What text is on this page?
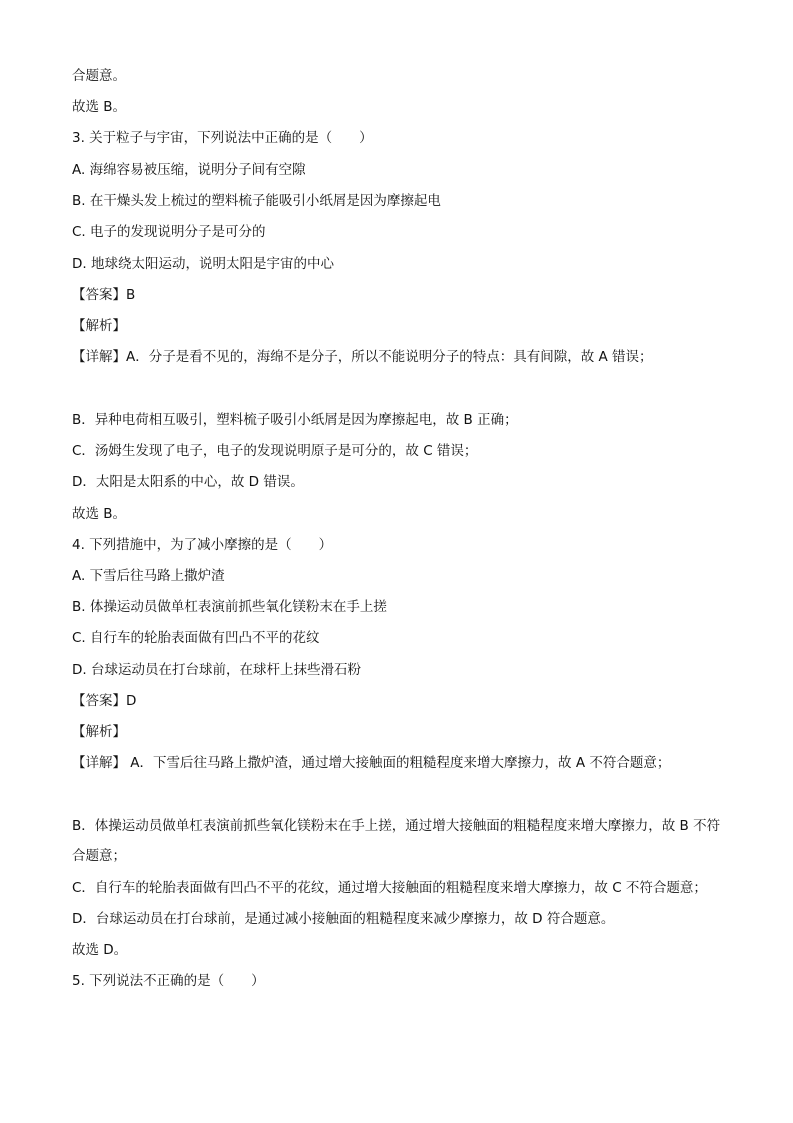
合题意。
故选 B。
3. 关于粒子与宇宙，下列说法中正确的是（　　）
A. 海绵容易被压缩，说明分子间有空隙
B. 在干燥头发上梳过的塑料梳子能吸引小纸屑是因为摩擦起电
C. 电子的发现说明分子是可分的
D. 地球绕太阳运动，说明太阳是宇宙的中心
【答案】B
【解析】
【详解】A．分子是看不见的，海绵不是分子，所以不能说明分子的特点：具有间隙，故 A 错误；
B．异种电荷相互吸引，塑料梳子吸引小纸屑是因为摩擦起电，故 B 正确；
C．汤姆生发现了电子，电子的发现说明原子是可分的，故 C 错误；
D．太阳是太阳系的中心，故 D 错误。
故选 B。
4. 下列措施中，为了减小摩擦的是（　　）
A. 下雪后往马路上撒炉渣
B. 体操运动员做单杠表演前抓些氧化镁粉末在手上搓
C. 自行车的轮胎表面做有凹凸不平的花纹
D. 台球运动员在打台球前，在球杆上抹些滑石粉
【答案】D
【解析】
【详解】 A．下雪后往马路上撒炉渣，通过增大接触面的粗糙程度来增大摩擦力，故 A 不符合题意；
B．体操运动员做单杠表演前抓些氧化镁粉末在手上搓，通过增大接触面的粗糙程度来增大摩擦力，故 B 不符合题意；
C．自行车的轮胎表面做有凹凸不平的花纹，通过增大接触面的粗糙程度来增大摩擦力，故 C 不符合题意；
D．台球运动员在打台球前，是通过减小接触面的粗糙程度来减少摩擦力，故 D 符合题意。
故选 D。
5. 下列说法不正确的是（　　）
